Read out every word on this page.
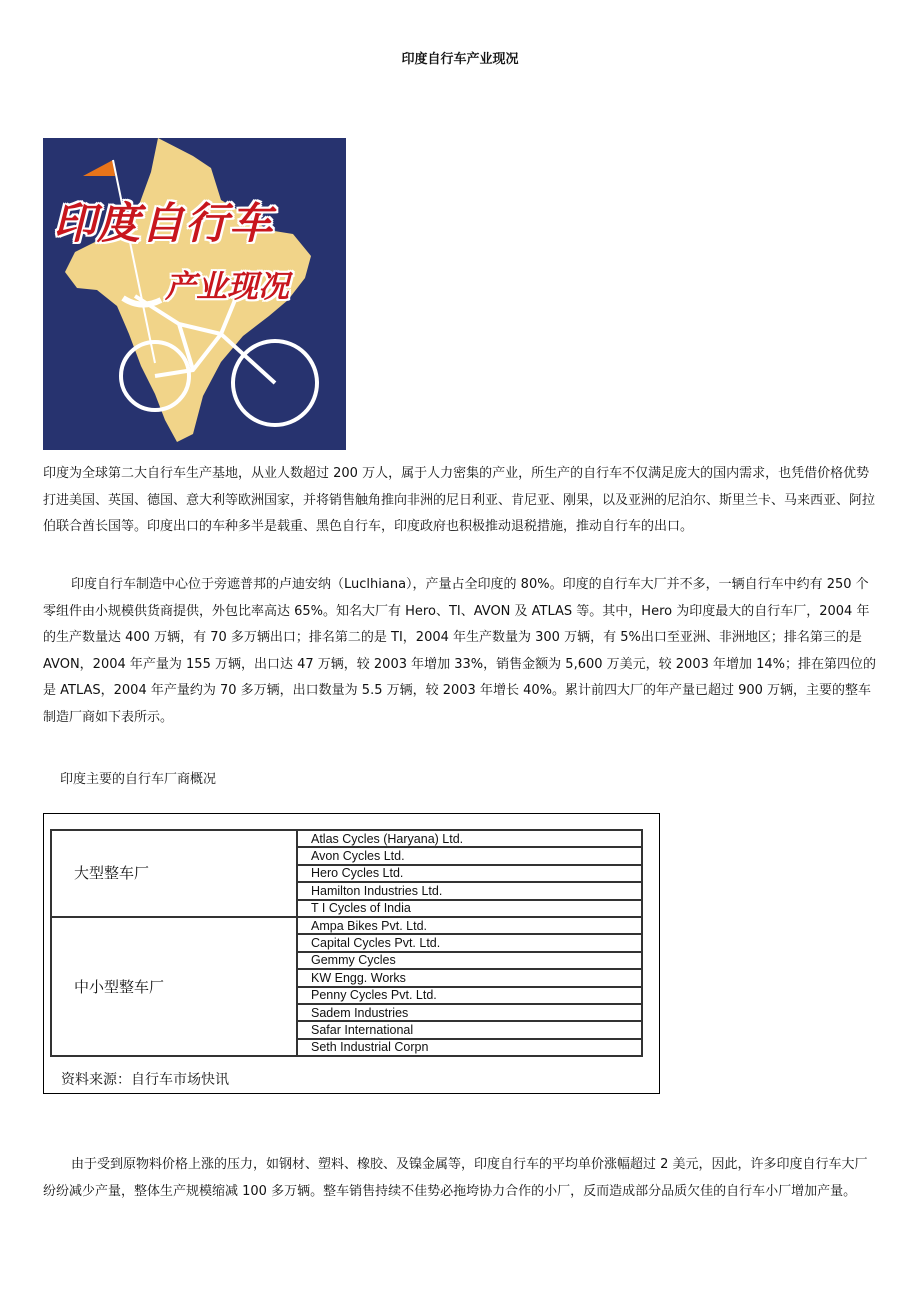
印度自行车产业现况
印度自行车
产业现况

印度为全球第二大自行车生产基地，从业人数超过 200 万人，属于人力密集的产业，所生产的自行车不仅满足庞大的国内需求，也凭借价格优势打进美国、英国、德国、意大利等欧洲国家，并将销售触角推向非洲的尼日利亚、肯尼亚、刚果，以及亚洲的尼泊尔、斯里兰卡、马来西亚、阿拉伯联合酋长国等。印度出口的车种多半是载重、黑色自行车，印度政府也积极推动退税措施，推动自行车的出口。

印度自行车制造中心位于旁遮普邦的卢迪安纳（Luclhiana），产量占全印度的 80%。印度的自行车大厂并不多，一辆自行车中约有 250 个零组件由小规模供货商提供，外包比率高达 65%。知名大厂有 Hero、TI、AVON 及 ATLAS 等。其中，Hero 为印度最大的自行车厂，2004 年的生产数量达 400 万辆，有 70 多万辆出口；排名第二的是 TI，2004 年生产数量为 300 万辆，有 5%出口至亚洲、非洲地区；排名第三的是 AVON，2004 年产量为 155 万辆，出口达 47 万辆，较 2003 年增加 33%，销售金额为 5,600 万美元，较 2003 年增加 14%；排在第四位的是 ATLAS，2004 年产量约为 70 多万辆，出口数量为 5.5 万辆，较 2003 年增长 40%。累计前四大厂的年产量已超过 900 万辆，主要的整车制造厂商如下表所示。

印度主要的自行车厂商概况
大型整车厂	Atlas Cycles (Haryana) Ltd.
	Avon Cycles Ltd.
	Hero Cycles Ltd.
	Hamilton Industries Ltd.
	T I Cycles of India
中小型整车厂	Ampa Bikes Pvt. Ltd.
	Capital Cycles Pvt. Ltd.
	Gemmy Cycles
	KW Engg. Works
	Penny Cycles Pvt. Ltd.
	Sadem Industries
	Safar International
	Seth Industrial Corpn
资料来源：自行车市场快讯

由于受到原物料价格上涨的压力，如钢材、塑料、橡胶、及镍金属等，印度自行车的平均单价涨幅超过 2 美元，因此，许多印度自行车大厂纷纷减少产量，整体生产规模缩减 100 多万辆。整车销售持续不佳势必拖垮协力合作的小厂，反而造成部分品质欠佳的自行车小厂增加产量。
